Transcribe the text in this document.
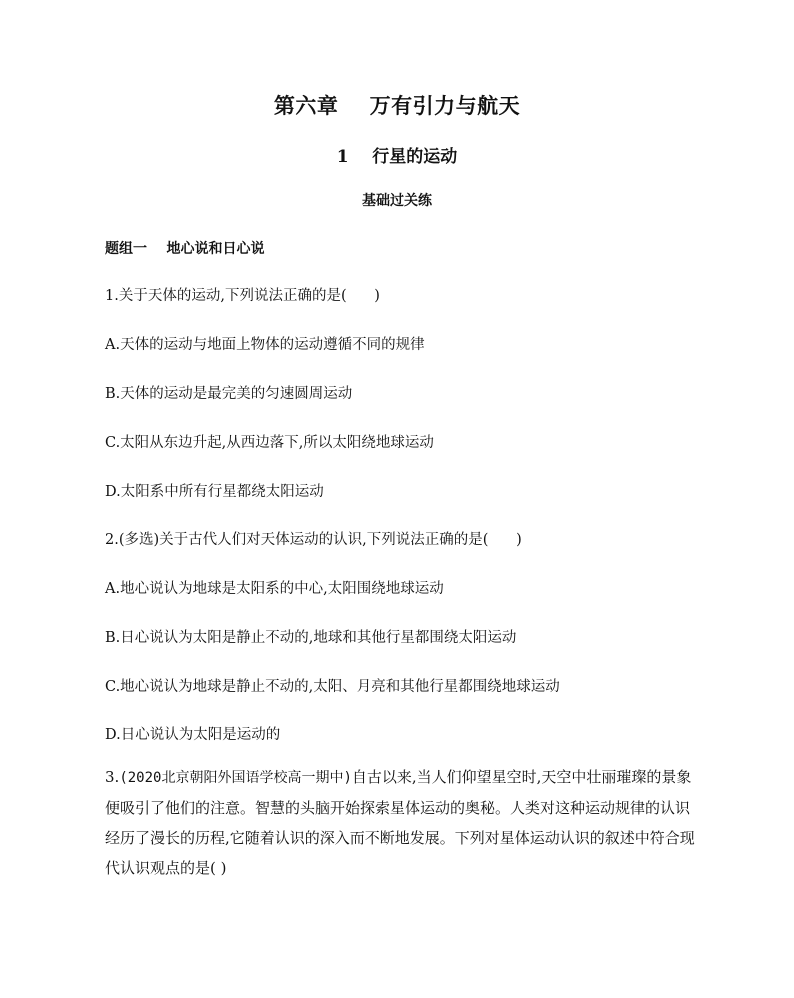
第六章    万有引力与航天
1    行星的运动
基础过关练
题组一    地心说和日心说
1.关于天体的运动,下列说法正确的是(      )
A.天体的运动与地面上物体的运动遵循不同的规律
B.天体的运动是最完美的匀速圆周运动
C.太阳从东边升起,从西边落下,所以太阳绕地球运动
D.太阳系中所有行星都绕太阳运动
2.(多选)关于古代人们对天体运动的认识,下列说法正确的是(      )
A.地心说认为地球是太阳系的中心,太阳围绕地球运动
B.日心说认为太阳是静止不动的,地球和其他行星都围绕太阳运动
C.地心说认为地球是静止不动的,太阳、月亮和其他行星都围绕地球运动
D.日心说认为太阳是运动的
3.(2020北京朝阳外国语学校高一期中)自古以来,当人们仰望星空时,天空中壮丽璀璨的景象便吸引了他们的注意。智慧的头脑开始探索星体运动的奥秘。人类对这种运动规律的认识经历了漫长的历程,它随着认识的深入而不断地发展。下列对星体运动认识的叙述中符合现代认识观点的是( )
